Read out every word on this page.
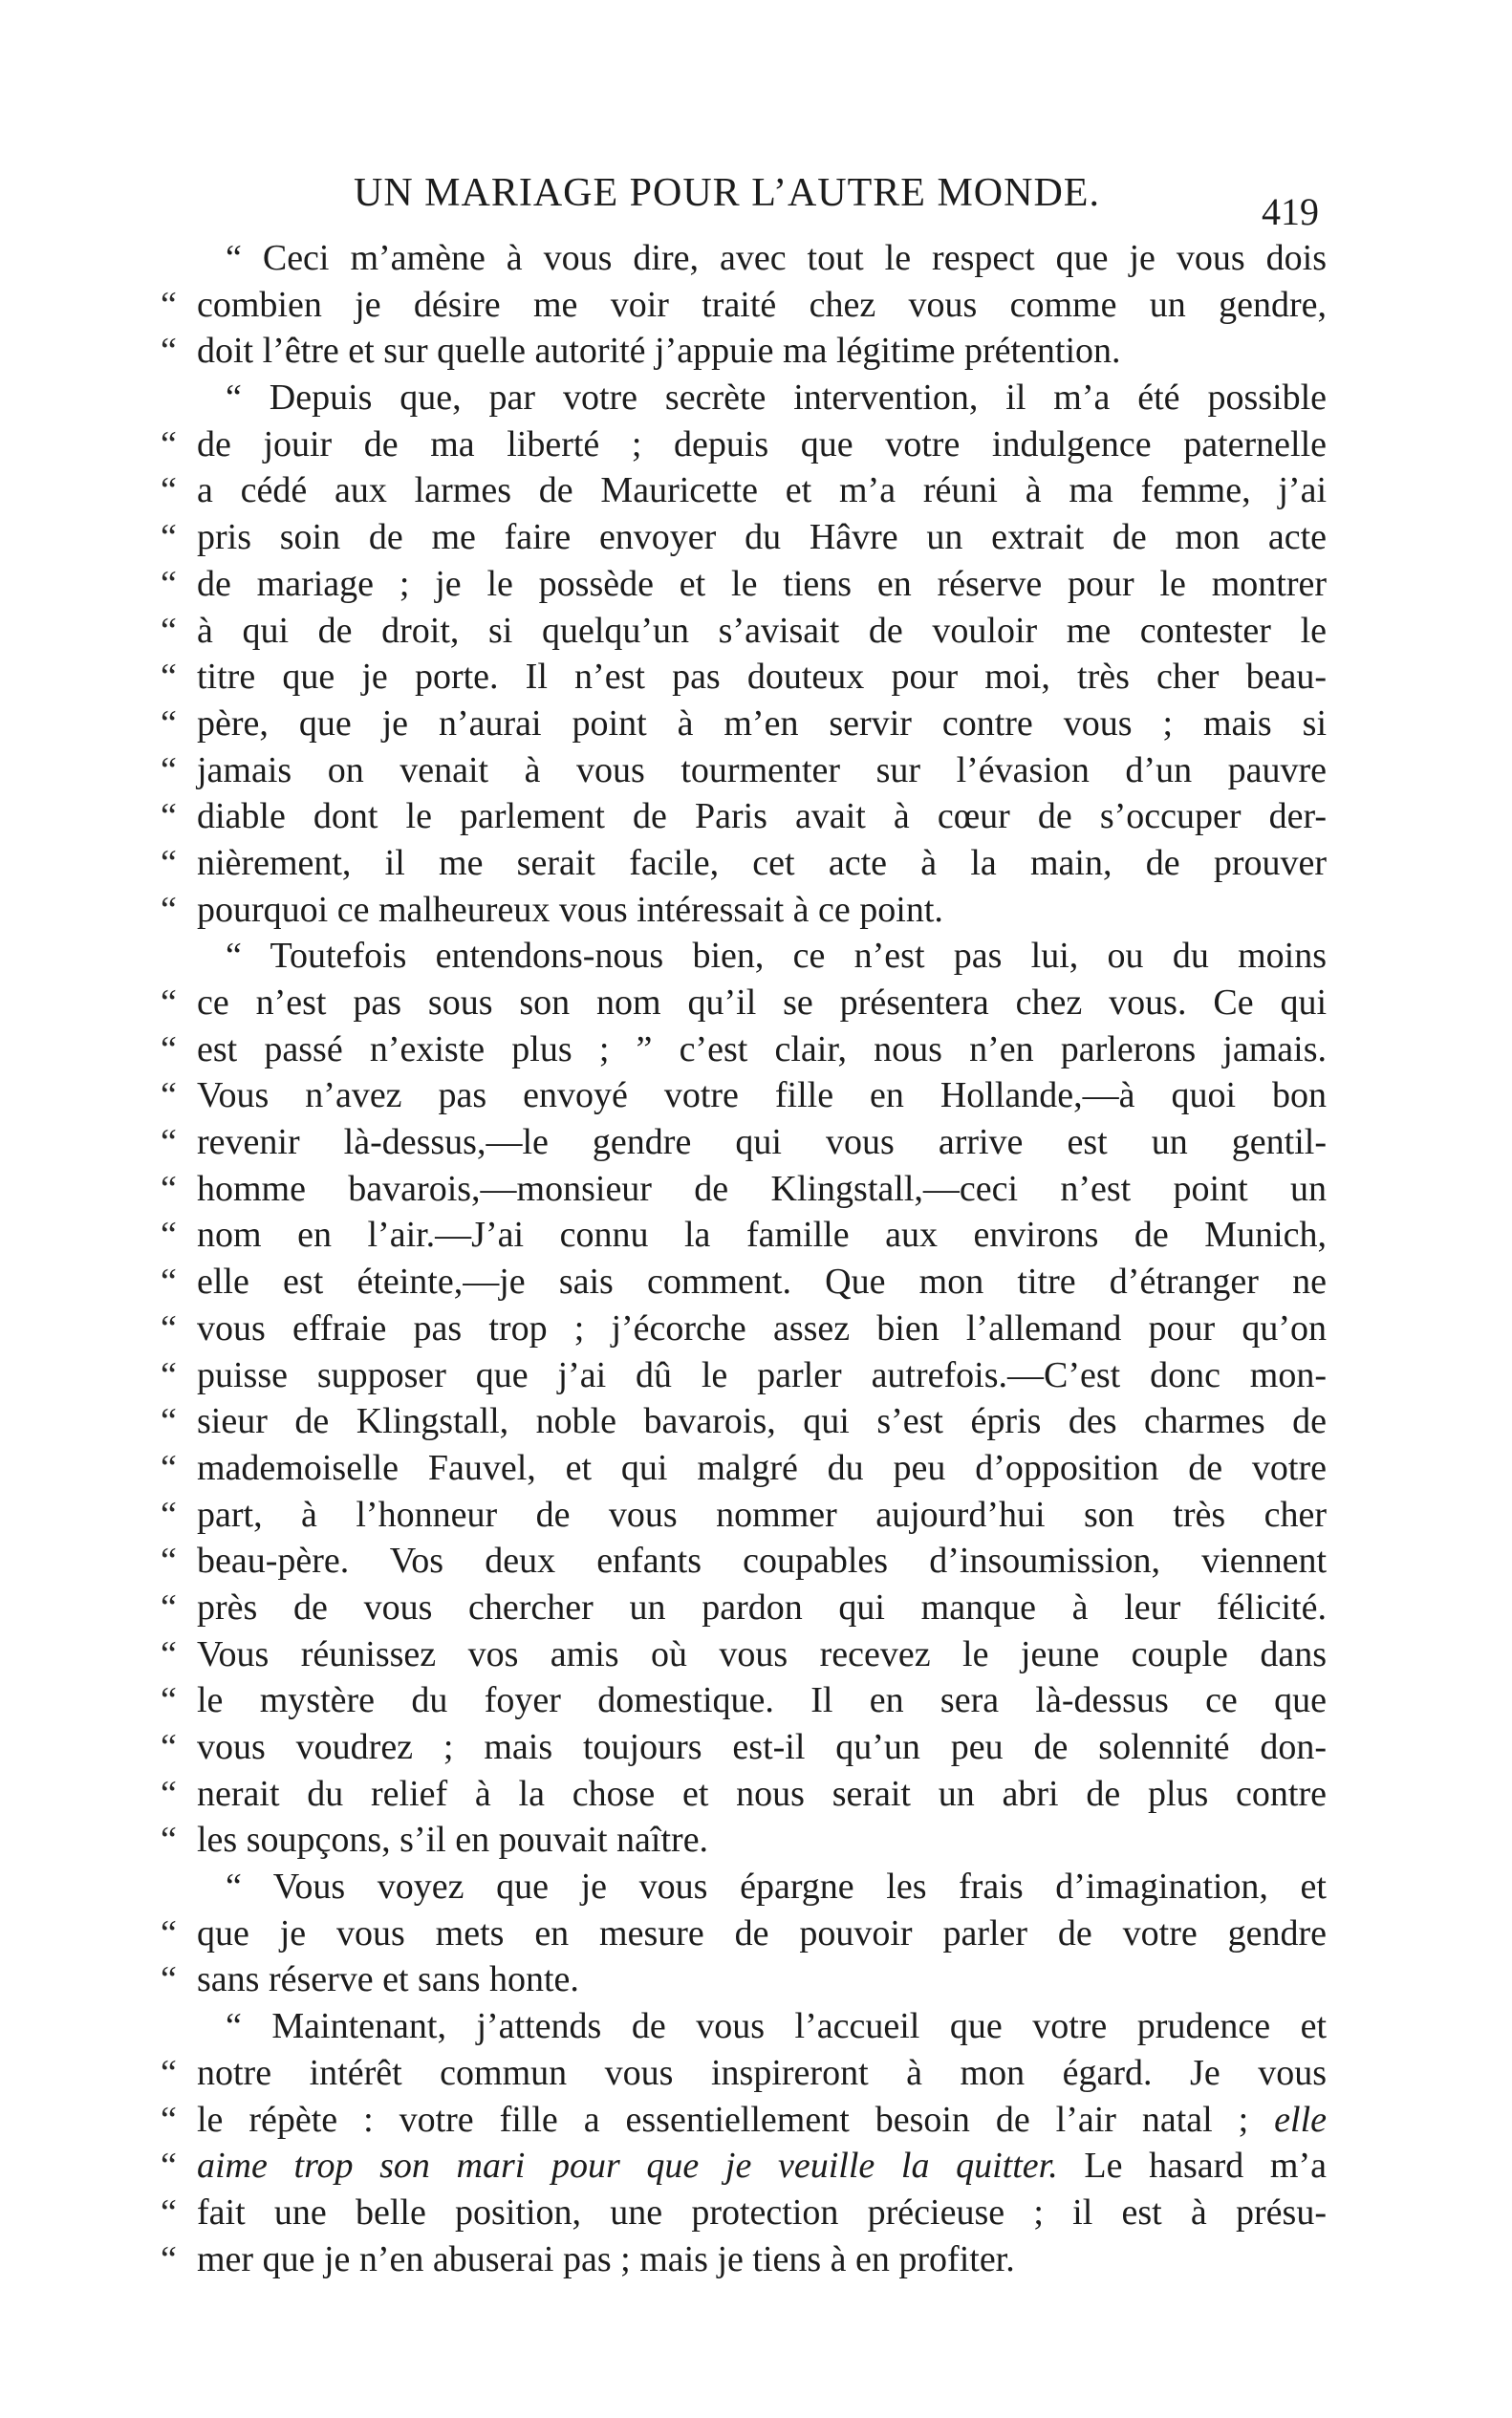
UN MARIAGE POUR L’AUTRE MONDE.	419
“ Ceci m’amène à vous dire, avec tout le respect que je vous dois
“ combien je désire me voir traité chez vous comme un gendre,
“ doit l’être et sur quelle autorité j’appuie ma légitime prétention.
“ Depuis que, par votre secrète intervention, il m’a été possible
“ de jouir de ma liberté ; depuis que votre indulgence paternelle
“ a cédé aux larmes de Mauricette et m’a réuni à ma femme, j’ai
“ pris soin de me faire envoyer du Hâvre un extrait de mon acte
“ de mariage ; je le possède et le tiens en réserve pour le montrer
“ à qui de droit, si quelqu’un s’avisait de vouloir me contester le
“ titre que je porte. Il n’est pas douteux pour moi, très cher beau-
“ père, que je n’aurai point à m’en servir contre vous ; mais si
“ jamais on venait à vous tourmenter sur l’évasion d’un pauvre
“ diable dont le parlement de Paris avait à cœur de s’occuper der-
“ nièrement, il me serait facile, cet acte à la main, de prouver
“ pourquoi ce malheureux vous intéressait à ce point.
“ Toutefois entendons-nous bien, ce n’est pas lui, ou du moins
“ ce n’est pas sous son nom qu’il se présentera chez vous. Ce qui
“ est passé n’existe plus ; ” c’est clair, nous n’en parlerons jamais.
“ Vous n’avez pas envoyé votre fille en Hollande,—à quoi bon
“ revenir là-dessus,—le gendre qui vous arrive est un gentil-
“ homme bavarois,—monsieur de Klingstall,—ceci n’est point un
“ nom en l’air.—J’ai connu la famille aux environs de Munich,
“ elle est éteinte,—je sais comment. Que mon titre d’étranger ne
“ vous effraie pas trop ; j’écorche assez bien l’allemand pour qu’on
“ puisse supposer que j’ai dû le parler autrefois.—C’est donc mon-
“ sieur de Klingstall, noble bavarois, qui s’est épris des charmes de
“ mademoiselle Fauvel, et qui malgré du peu d’opposition de votre
“ part, à l’honneur de vous nommer aujourd’hui son très cher
“ beau-père. Vos deux enfants coupables d’insoumission, viennent
“ près de vous chercher un pardon qui manque à leur félicité.
“ Vous réunissez vos amis où vous recevez le jeune couple dans
“ le mystère du foyer domestique. Il en sera là-dessus ce que
“ vous voudrez ; mais toujours est-il qu’un peu de solennité don-
“ nerait du relief à la chose et nous serait un abri de plus contre
“ les soupçons, s’il en pouvait naître.
“ Vous voyez que je vous épargne les frais d’imagination, et
“ que je vous mets en mesure de pouvoir parler de votre gendre
“ sans réserve et sans honte.
“ Maintenant, j’attends de vous l’accueil que votre prudence et
“ notre intérêt commun vous inspireront à mon égard. Je vous
“ le répète : votre fille a essentiellement besoin de l’air natal ; elle
“ aime trop son mari pour que je veuille la quitter. Le hasard m’a
“ fait une belle position, une protection précieuse ; il est à présu-
“ mer que je n’en abuserai pas ; mais je tiens à en profiter.
